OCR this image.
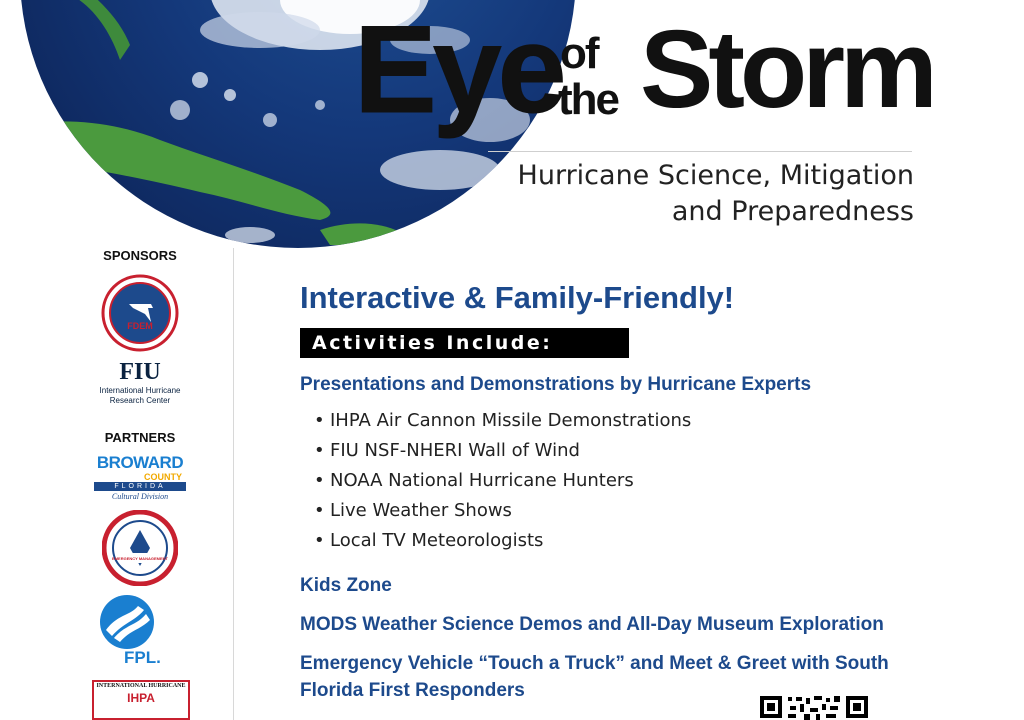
Eye
of
the Storm
Hurricane Science, Mitigation
and Preparedness
SPONSORS
FDEM
FIU
International Hurricane
Research Center
PARTNERS
BROWARD
COUNTY
FLORIDA
Cultural Division
EMERGENCY MANAGEMENT
FPL.
INTERNATIONAL HURRICANE
IHPA
Interactive & Family-Friendly!
Activities Include:
Presentations and Demonstrations by Hurricane Experts
• IHPA Air Cannon Missile Demonstrations
• FIU NSF-NHERI Wall of Wind
• NOAA National Hurricane Hunters
• Live Weather Shows
• Local TV Meteorologists
Kids Zone
MODS Weather Science Demos and All-Day Museum Exploration
Emergency Vehicle “Touch a Truck” and Meet & Greet with South
Florida First Responders
